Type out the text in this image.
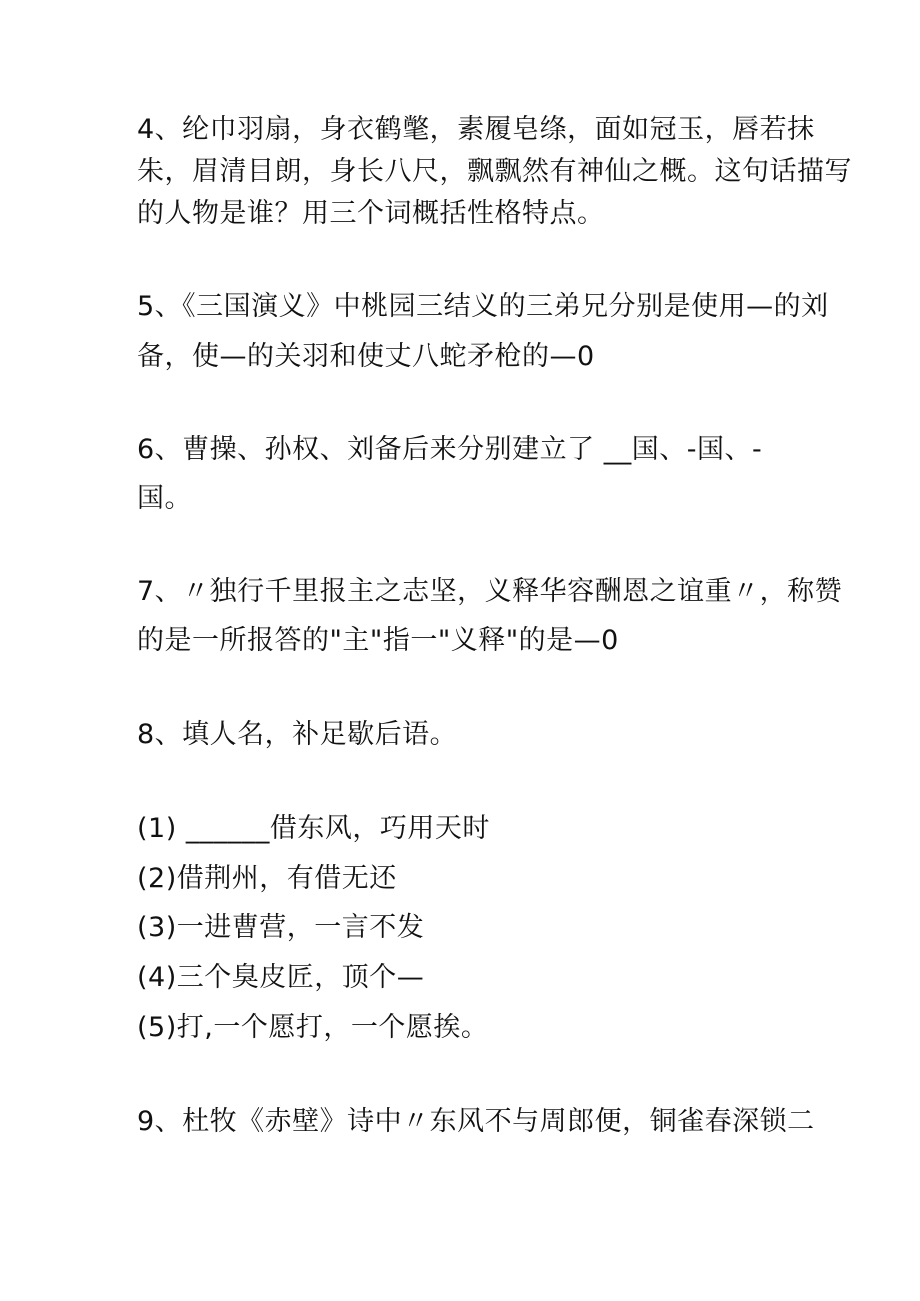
4、纶巾羽扇，身衣鹤氅，素履皂绦，面如冠玉，唇若抹
朱，眉清目朗，身长八尺，飘飘然有神仙之概。这句话描写
的人物是谁？用三个词概括性格特点。
5、《三国演义》中桃园三结义的三弟兄分别是使用—的刘
备，使—的关羽和使丈八蛇矛枪的—0
6、曹操、孙权、刘备后来分别建立了 __国、-国、-
国。
7、〃独行千里报主之志坚，义释华容酬恩之谊重〃，称赞
的是一所报答的"主"指一"义释"的是—0
8、填人名，补足歇后语。
(1) ______借东风，巧用天时
(2)借荆州，有借无还
(3)一进曹营，一言不发
(4)三个臭皮匠，顶个—
(5)打,一个愿打，一个愿挨。
9、杜牧《赤壁》诗中〃东风不与周郎便，铜雀春深锁二
